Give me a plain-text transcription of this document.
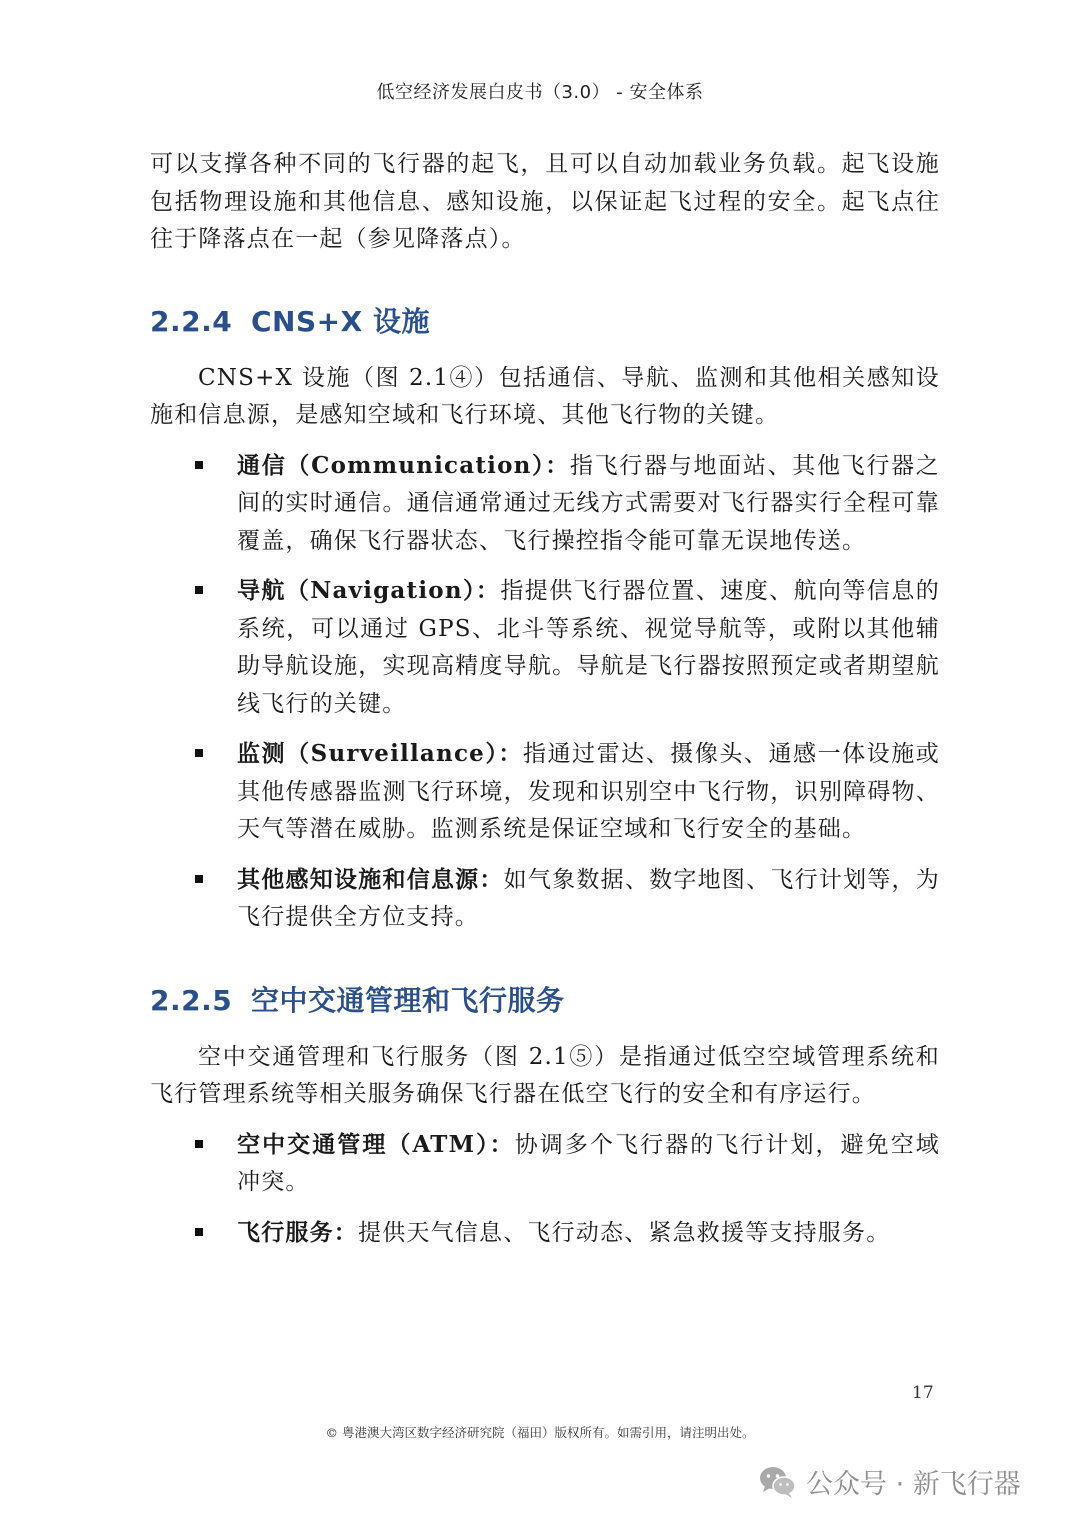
低空经济发展白皮书（3.0） - 安全体系

可以支撑各种不同的飞行器的起飞，且可以自动加载业务负载。起飞设施包括物理设施和其他信息、感知设施，以保证起飞过程的安全。起飞点往往于降落点在一起（参见降落点）。

2.2.4 CNS+X 设施

CNS+X 设施（图 2.1④）包括通信、导航、监测和其他相关感知设施和信息源，是感知空域和飞行环境、其他飞行物的关键。

通信（Communication）：指飞行器与地面站、其他飞行器之间的实时通信。通信通常通过无线方式需要对飞行器实行全程可靠覆盖，确保飞行器状态、飞行操控指令能可靠无误地传送。
导航（Navigation）：指提供飞行器位置、速度、航向等信息的系统，可以通过 GPS、北斗等系统、视觉导航等，或附以其他辅助导航设施，实现高精度导航。导航是飞行器按照预定或者期望航线飞行的关键。
监测（Surveillance）：指通过雷达、摄像头、通感一体设施或其他传感器监测飞行环境，发现和识别空中飞行物，识别障碍物、天气等潜在威胁。监测系统是保证空域和飞行安全的基础。
其他感知设施和信息源：如气象数据、数字地图、飞行计划等，为飞行提供全方位支持。
2.2.5 空中交通管理和飞行服务

空中交通管理和飞行服务（图 2.1⑤）是指通过低空空域管理系统和飞行管理系统等相关服务确保飞行器在低空飞行的安全和有序运行。

空中交通管理（ATM）：协调多个飞行器的飞行计划，避免空域冲突。
飞行服务：提供天气信息、飞行动态、紧急救援等支持服务。
17
© 粤港澳大湾区数字经济研究院（福田）版权所有。如需引用，请注明出处。
公众号 · 新飞行器
